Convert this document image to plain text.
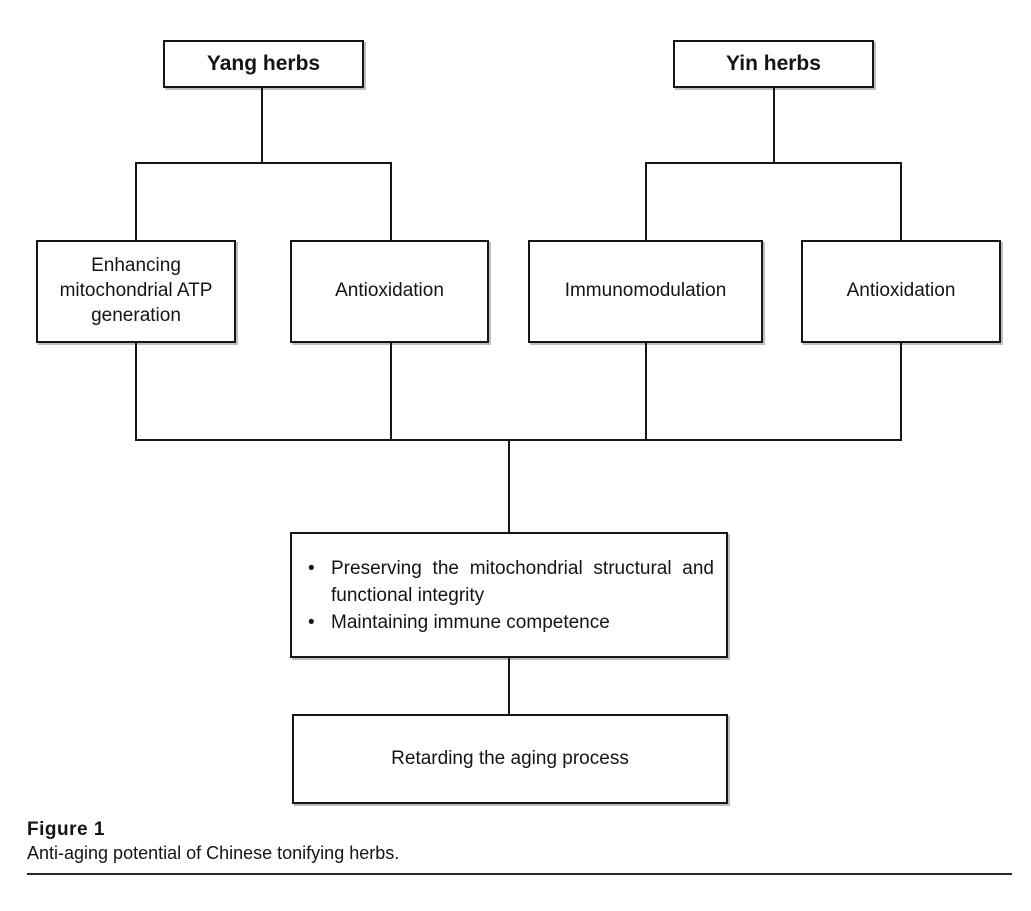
Yang herbs	Yin herbs
Enhancing mitochondrial ATP generation
Antioxidation	Immunomodulation	Antioxidation
• Preserving the mitochondrial structural and functional integrity
• Maintaining immune competence
Retarding the aging process
Figure 1
Anti-aging potential of Chinese tonifying herbs.
